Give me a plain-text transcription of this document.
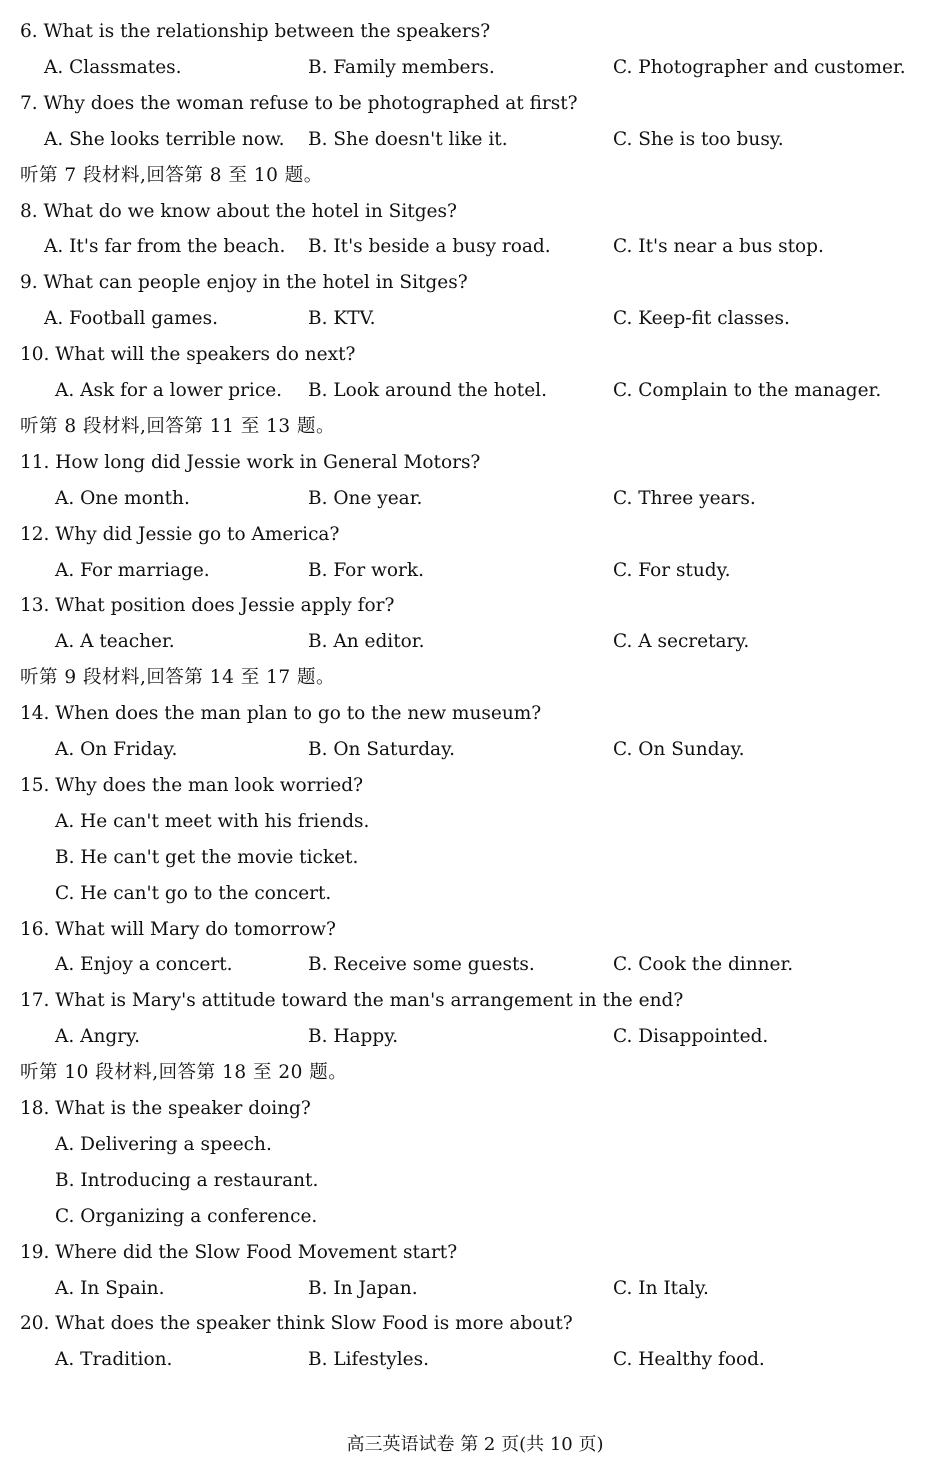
6. What is the relationship between the speakers?
A. Classmates.	B. Family members.	C. Photographer and customer.
7. Why does the woman refuse to be photographed at first?
A. She looks terrible now. B. She doesn't like it.	C. She is too busy.
听第 7 段材料,回答第 8 至 10 题。
8. What do we know about the hotel in Sitges?
A. It's far from the beach. B. It's beside a busy road.	C. It's near a bus stop.
9. What can people enjoy in the hotel in Sitges?
A. Football games.	B. KTV.	C. Keep-fit classes.
10. What will the speakers do next?
A. Ask for a lower price. B. Look around the hotel.	C. Complain to the manager.
听第 8 段材料,回答第 11 至 13 题。
11. How long did Jessie work in General Motors?
A. One month.	B. One year.	C. Three years.
12. Why did Jessie go to America?
A. For marriage.	B. For work.	C. For study.
13. What position does Jessie apply for?
A. A teacher.	B. An editor.	C. A secretary.
听第 9 段材料,回答第 14 至 17 题。
14. When does the man plan to go to the new museum?
A. On Friday.	B. On Saturday.	C. On Sunday.
15. Why does the man look worried?
A. He can't meet with his friends.
B. He can't get the movie ticket.
C. He can't go to the concert.
16. What will Mary do tomorrow?
A. Enjoy a concert.	B. Receive some guests.	C. Cook the dinner.
17. What is Mary's attitude toward the man's arrangement in the end?
A. Angry.	B. Happy.	C. Disappointed.
听第 10 段材料,回答第 18 至 20 题。
18. What is the speaker doing?
A. Delivering a speech.
B. Introducing a restaurant.
C. Organizing a conference.
19. Where did the Slow Food Movement start?
A. In Spain.	B. In Japan.	C. In Italy.
20. What does the speaker think Slow Food is more about?
A. Tradition.	B. Lifestyles.	C. Healthy food.
高三英语试卷 第 2 页(共 10 页)
